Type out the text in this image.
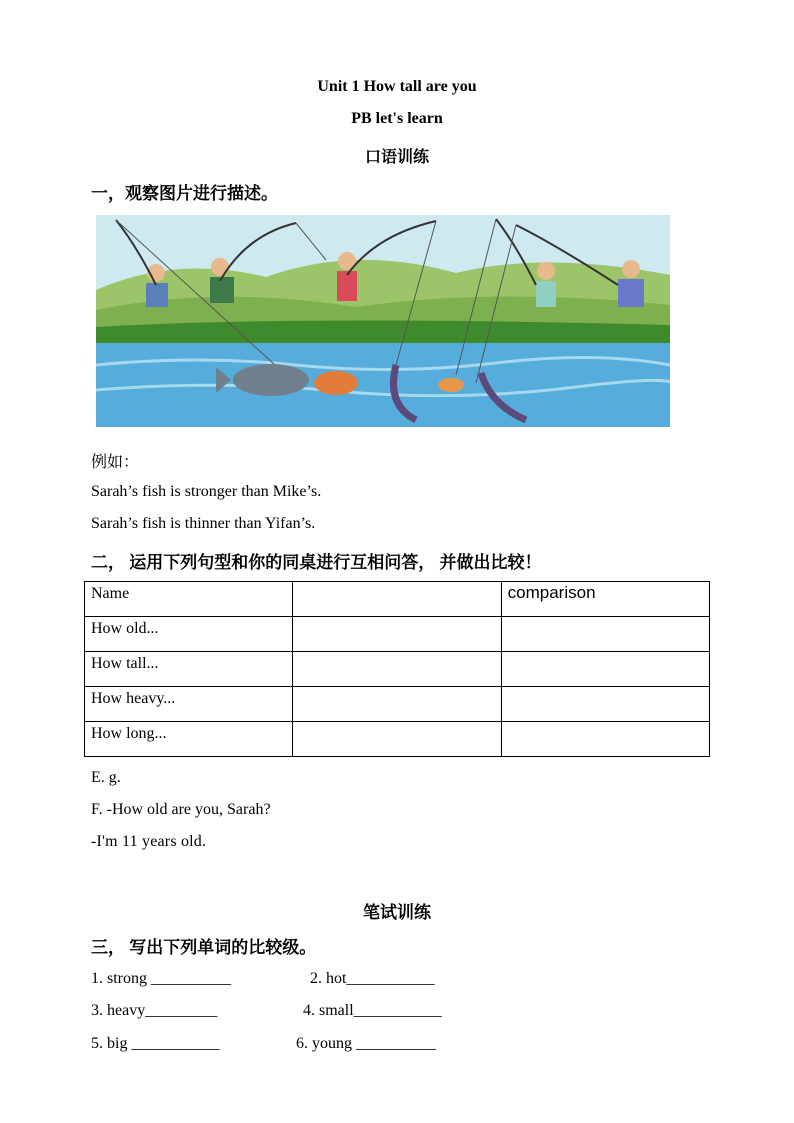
Unit 1 How tall are you
PB let's learn
口语训练
一，观察图片进行描述。
例如：
Sarah’s fish is stronger than Mike’s.
Sarah’s fish is thinner than Yifan’s.
二， 运用下列句型和你的同桌进行互相问答， 并做出比较！
Name		comparison
How old...		
How tall...		
How heavy...		
How long...		
E. g.
F. -How old are you, Sarah?
-I'm 11 years old.
笔试训练
三， 写出下列单词的比较级。
1. strong __________	2. hot___________
3. heavy_________	4. small___________
5. big ___________	6. young __________
